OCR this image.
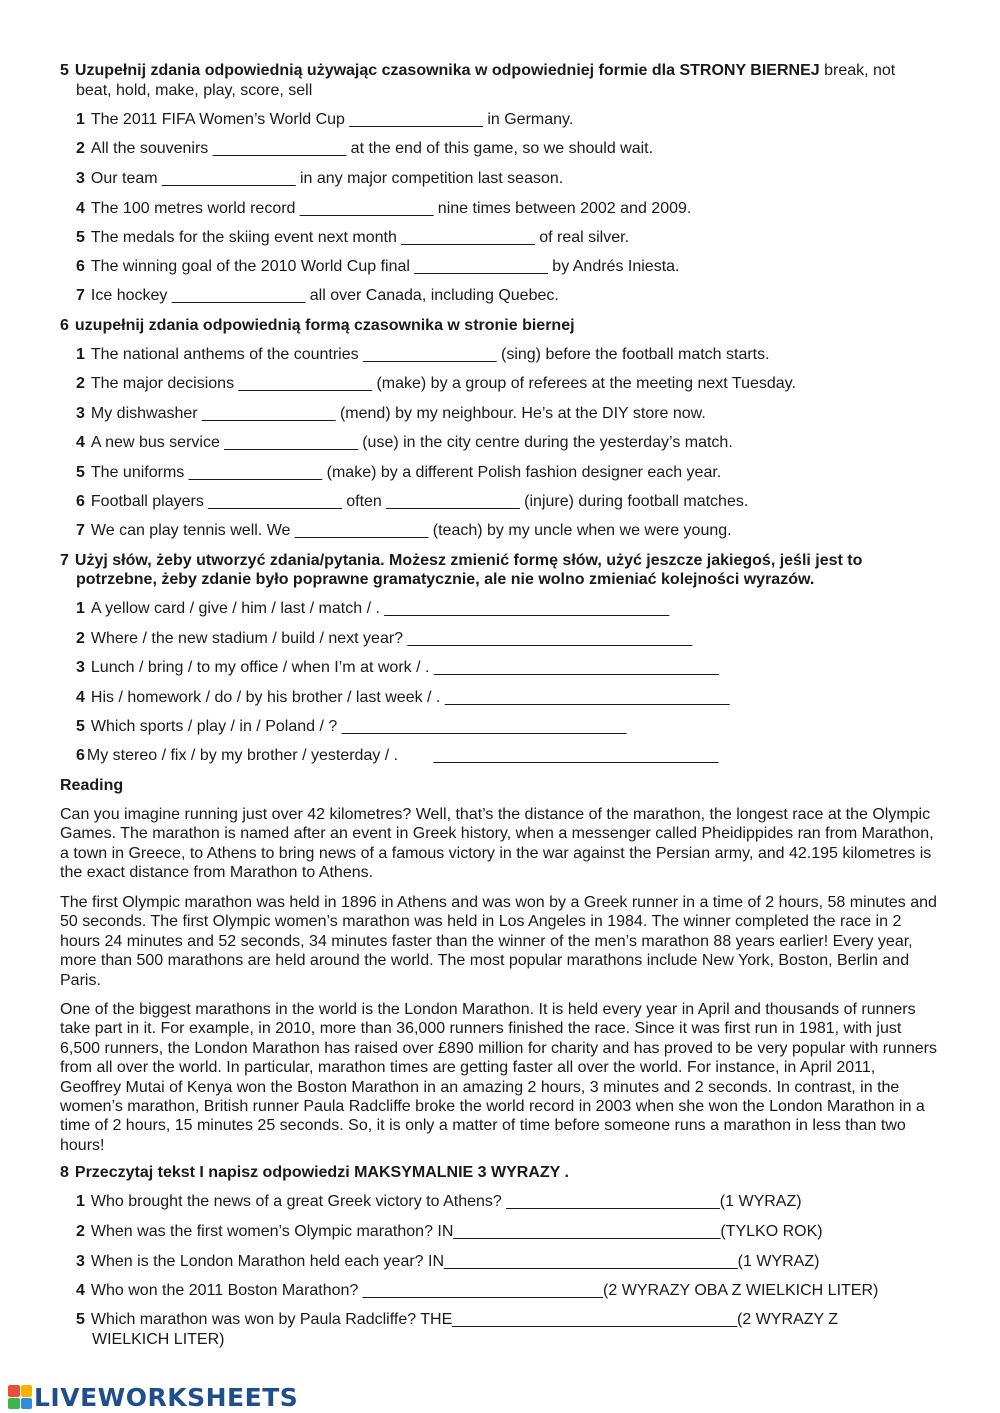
5 Uzupełnij zdania odpowiednią używając czasownika w odpowiedniej formie dla STRONY BIERNEJ break, not
beat, hold, make, play, score, sell
1 The 2011 FIFA Women’s World Cup _______________ in Germany.
2 All the souvenirs _______________ at the end of this game, so we should wait.
3 Our team _______________ in any major competition last season.
4 The 100 metres world record _______________ nine times between 2002 and 2009.
5 The medals for the skiing event next month _______________ of real silver.
6 The winning goal of the 2010 World Cup final _______________ by Andrés Iniesta.
7 Ice hockey _______________ all over Canada, including Quebec.
6 uzupełnij zdania odpowiednią formą czasownika w stronie biernej
1 The national anthems of the countries _______________ (sing) before the football match starts.
2 The major decisions _______________ (make) by a group of referees at the meeting next Tuesday.
3 My dishwasher _______________ (mend) by my neighbour. He’s at the DIY store now.
4 A new bus service _______________ (use) in the city centre during the yesterday’s match.
5 The uniforms _______________ (make) by a different Polish fashion designer each year.
6 Football players _______________ often _______________ (injure) during football matches.
7 We can play tennis well. We _______________ (teach) by my uncle when we were young.
7 Użyj słów, żeby utworzyć zdania/pytania. Możesz zmienić formę słów, użyć jeszcze jakiegoś, jeśli jest to
potrzebne, żeby zdanie było poprawne gramatycznie, ale nie wolno zmieniać kolejności wyrazów.
1 A yellow card / give / him / last / match / . ________________________________
2 Where / the new stadium / build / next year? ________________________________
3 Lunch / bring / to my office / when I’m at work / . ________________________________
4 His / homework / do / by his brother / last week / . ________________________________
5 Which sports / play / in / Poland / ? ________________________________
6 My stereo / fix / by my brother / yesterday / .        ________________________________
Reading
Can you imagine running just over 42 kilometres? Well, that’s the distance of the marathon, the longest race at the Olympic Games. The marathon is named after an event in Greek history, when a messenger called Pheidippides ran from Marathon, a town in Greece, to Athens to bring news of a famous victory in the war against the Persian army, and 42.195 kilometres is the exact distance from Marathon to Athens.
The first Olympic marathon was held in 1896 in Athens and was won by a Greek runner in a time of 2 hours, 58 minutes and 50 seconds. The first Olympic women’s marathon was held in Los Angeles in 1984. The winner completed the race in 2 hours 24 minutes and 52 seconds, 34 minutes faster than the winner of the men’s marathon 88 years earlier! Every year, more than 500 marathons are held around the world. The most popular marathons include New York, Boston, Berlin and Paris.
One of the biggest marathons in the world is the London Marathon. It is held every year in April and thousands of runners take part in it. For example, in 2010, more than 36,000 runners finished the race. Since it was first run in 1981, with just 6,500 runners, the London Marathon has raised over £890 million for charity and has proved to be very popular with runners from all over the world. In particular, marathon times are getting faster all over the world. For instance, in April 2011, Geoffrey Mutai of Kenya won the Boston Marathon in an amazing 2 hours, 3 minutes and 2 seconds. In contrast, in the women’s marathon, British runner Paula Radcliffe broke the world record in 2003 when she won the London Marathon in a time of 2 hours, 15 minutes 25 seconds. So, it is only a matter of time before someone runs a marathon in less than two hours!
8 Przeczytaj tekst I napisz odpowiedzi MAKSYMALNIE 3 WYRAZY .
1 Who brought the news of a great Greek victory to Athens? ________________________(1 WYRAZ)
2 When was the first women’s Olympic marathon? IN______________________________(TYLKO ROK)
3 When is the London Marathon held each year? IN_________________________________(1 WYRAZ)
4 Who won the 2011 Boston Marathon? ___________________________(2 WYRAZY OBA Z WIELKICH LITER)
5 Which marathon was won by Paula Radcliffe? THE________________________________(2 WYRAZY Z
WIELKICH LITER)
LIVEWORKSHEETS
